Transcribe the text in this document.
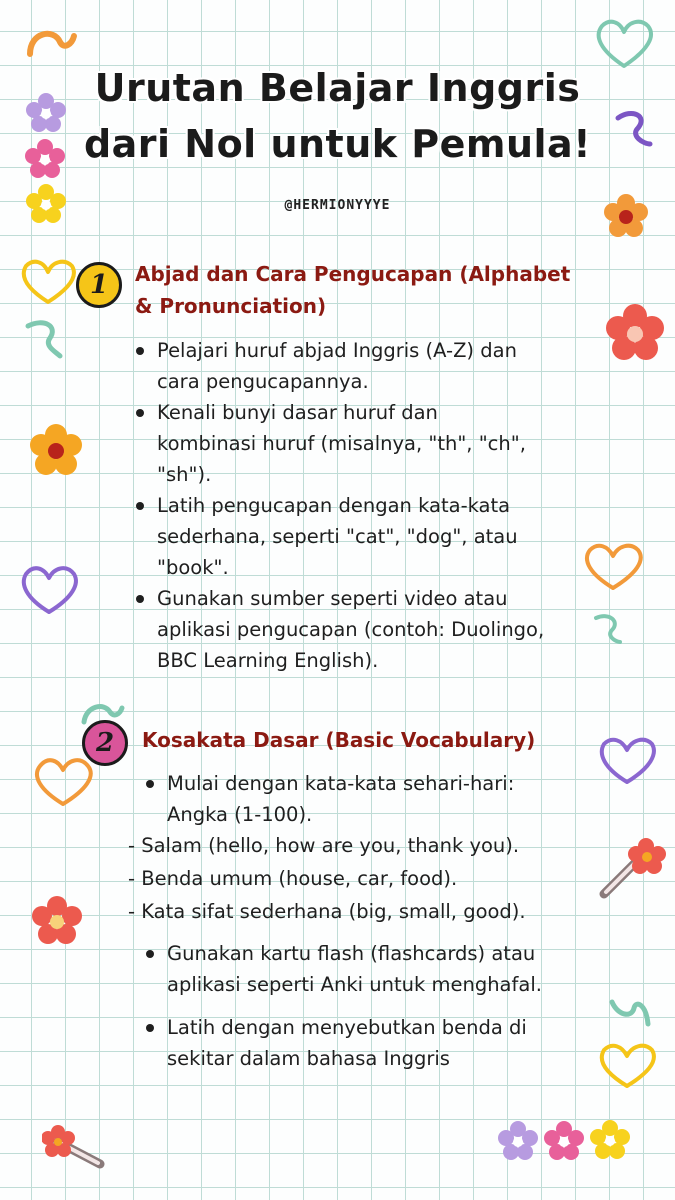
Urutan Belajar Inggris
dari Nol untuk Pemula!
@HERMIONYYYE
1	Abjad dan Cara Pengucapan (Alphabet
& Pronunciation)
Pelajari huruf abjad Inggris (A-Z) dan
cara pengucapannya.
Kenali bunyi dasar huruf dan
kombinasi huruf (misalnya, "th", "ch",
"sh").
Latih pengucapan dengan kata-kata
sederhana, seperti "cat", "dog", atau
"book".
Gunakan sumber seperti video atau
aplikasi pengucapan (contoh: Duolingo,
BBC Learning English).
2	Kosakata Dasar (Basic Vocabulary)
Mulai dengan kata-kata sehari-hari:
Angka (1-100).
- Salam (hello, how are you, thank you).
- Benda umum (house, car, food).
- Kata sifat sederhana (big, small, good).
Gunakan kartu flash (flashcards) atau
aplikasi seperti Anki untuk menghafal.
Latih dengan menyebutkan benda di
sekitar dalam bahasa Inggris
